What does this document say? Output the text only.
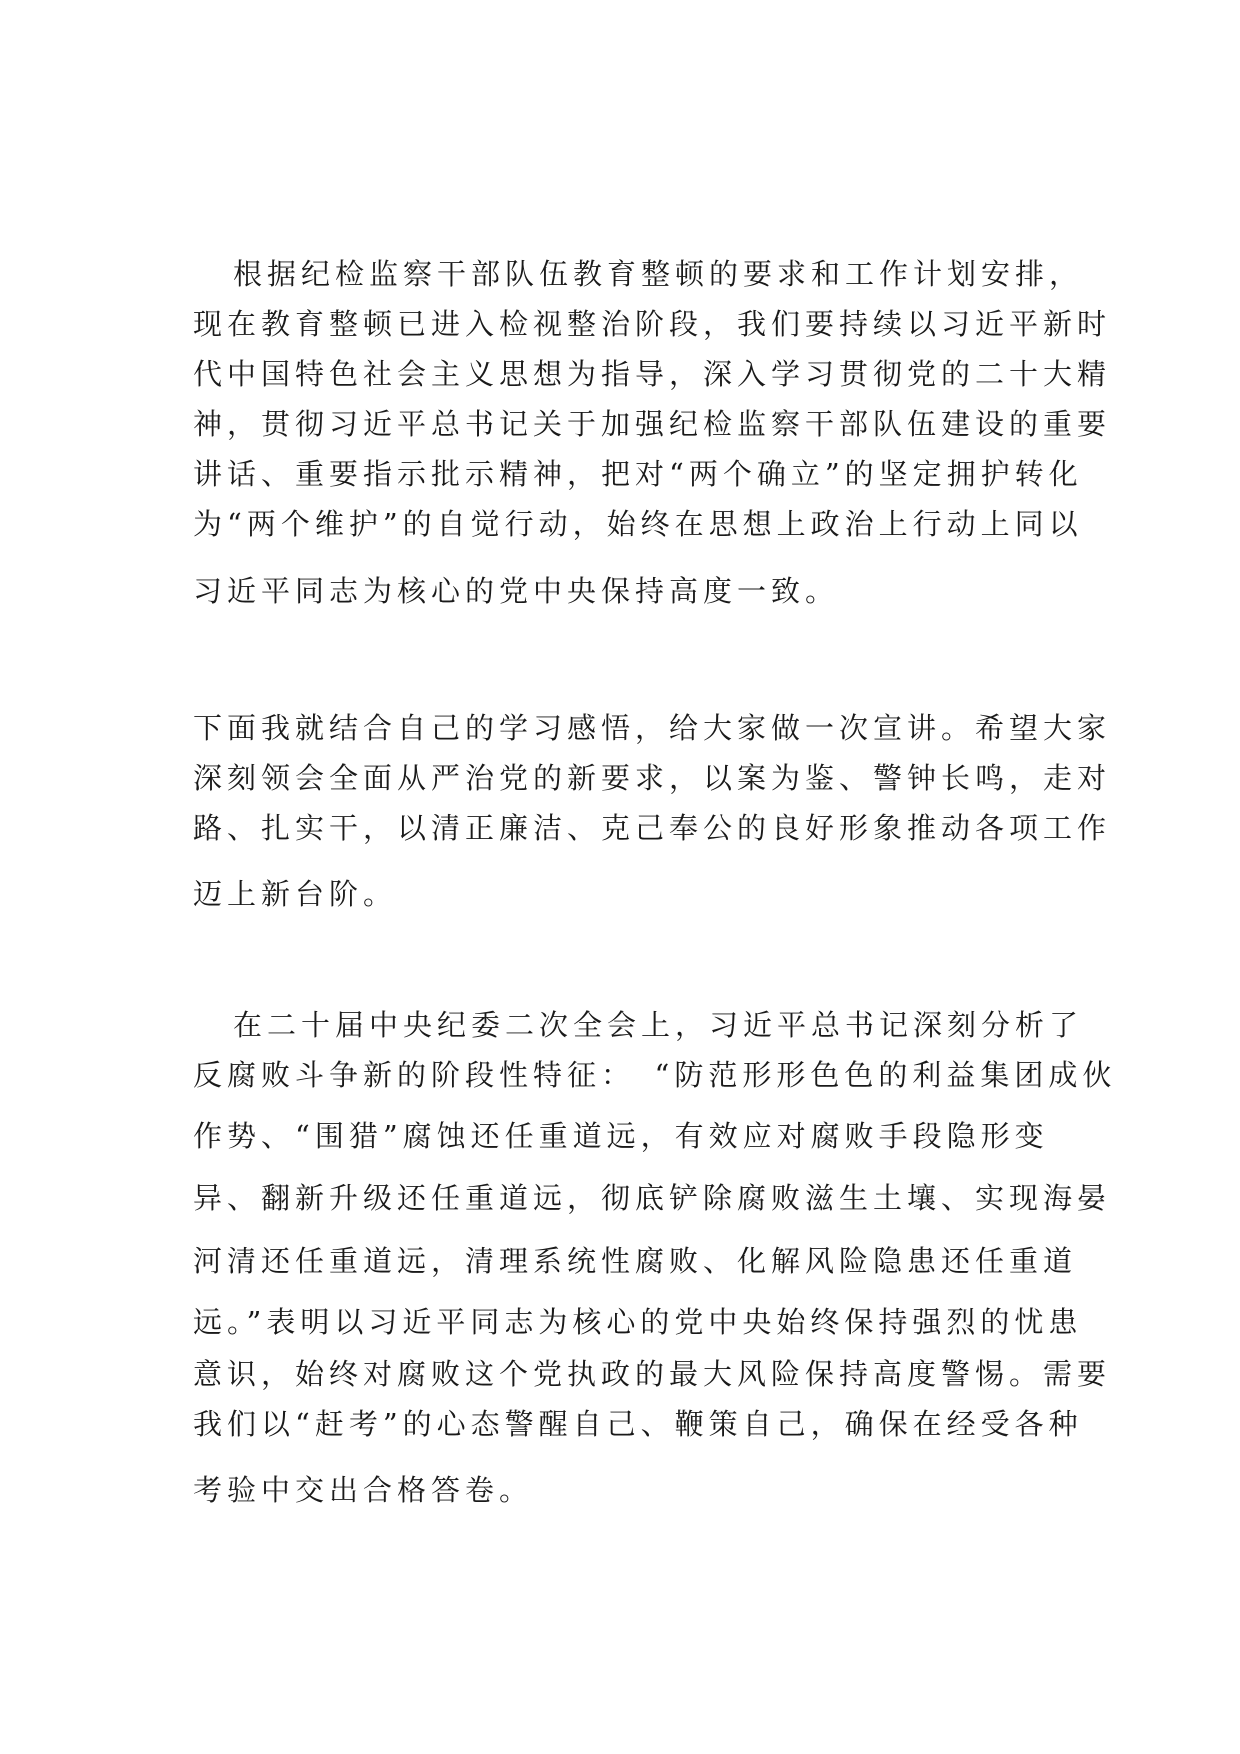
根据纪检监察干部队伍教育整顿的要求和工作计划安排，
现在教育整顿已进入检视整治阶段，我们要持续以习近平新时
代中国特色社会主义思想为指导，深入学习贯彻党的二十大精
神，贯彻习近平总书记关于加强纪检监察干部队伍建设的重要
讲话、重要指示批示精神，把对“两个确立”的坚定拥护转化
为“两个维护”的自觉行动，始终在思想上政治上行动上同以
习近平同志为核心的党中央保持高度一致。
下面我就结合自己的学习感悟，给大家做一次宣讲。希望大家
深刻领会全面从严治党的新要求，以案为鉴、警钟长鸣，走对
路、扎实干，以清正廉洁、克己奉公的良好形象推动各项工作
迈上新台阶。
在二十届中央纪委二次全会上，习近平总书记深刻分析了
反腐败斗争新的阶段性特征：　“防范形形色色的利益集团成伙
作势、“围猎”腐蚀还任重道远，有效应对腐败手段隐形变
异、翻新升级还任重道远，彻底铲除腐败滋生土壤、实现海晏
河清还任重道远，清理系统性腐败、化解风险隐患还任重道
远。”表明以习近平同志为核心的党中央始终保持强烈的忧患
意识，始终对腐败这个党执政的最大风险保持高度警惕。需要
我们以“赶考”的心态警醒自己、鞭策自己，确保在经受各种
考验中交出合格答卷。
